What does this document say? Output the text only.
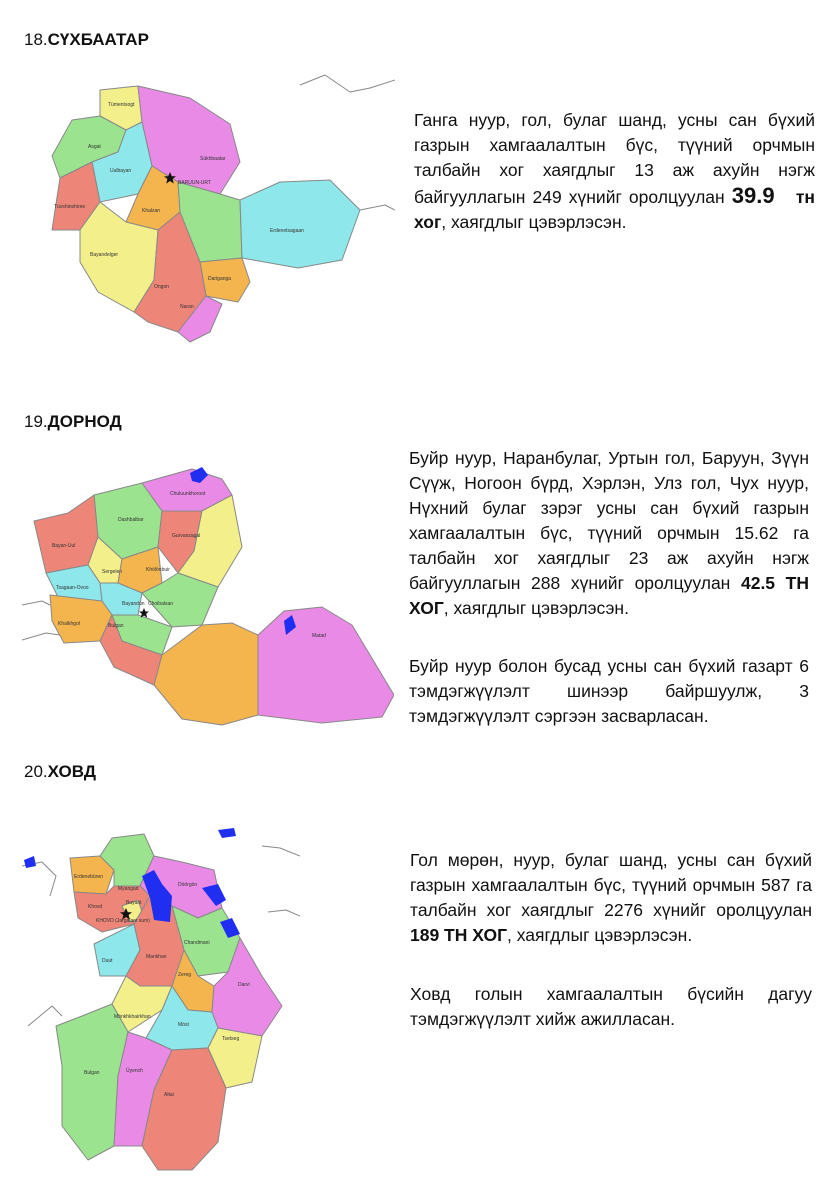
18.СҮХБААТАР
Tümentsogt
Asgat
Sükhbaatar
BARUUN-URT
Uulbayan
Tüvshinshiree
Khalzan
Erdenetsagaan
Bayandelger
Dariganga
Ongon
Naran

Ганга нуур, гол, булаг шанд, усны сан бүхий газрын хамгаалалтын бүс, түүний орчмын талбайн хог хаягдлыг 13 аж ахуйн нэгж байгууллагын 249 хүнийг оролцуулан 39.9 тн хог, хаягдлыг цэвэрлэсэн.

19.ДОРНОД
Chuluunkhoroot
Dashbalbar
Gurvanzagal
Bayan-Uul
Sergelen
Bayandun
Tsagaan-Ovoo
Choibalsan
Khölönbuir
Bulgan
Khalkhgol
Matad

Буйр нуур, Наранбулаг, Уртын гол, Баруун, Зүүн Сүүж, Ногоон бүрд, Хэрлэн, Улз гол, Чух нуур, Нүхний булаг зэрэг усны сан бүхий газрын хамгаалалтын бүс, түүний орчмын 15.62 га талбайн хог хаягдлыг 23 аж ахуйн нэгж байгууллагын 288 хүнийг оролцуулан 42.5 ТН ХОГ, хаягдлыг цэвэрлэсэн.

Буйр нуур болон бусад усны сан бүхий газарт 6 тэмдэгжүүлэлт шинээр байршуулж, 3 тэмдэгжүүлэлт сэргээн засварласан.

20.ХОВД
Erdenebüren
Myangad
Döörgön
Khovd
Buyant
KHOVD (Jargalant sum)
Chandmani
Duut
Mankhan
Zereg
Darvi
Mönkhkhairkhan
Möst
Tsetseg
Bulgan	Üyench
Altai

Гол мөрөн, нуур, булаг шанд, усны сан бүхий газрын хамгаалалтын бүс, түүний орчмын 587 га талбайн хог хаягдлыг 2276 хүнийг оролцуулан 189 ТН ХОГ, хаягдлыг цэвэрлэсэн.

Ховд голын хамгаалалтын бүсийн дагуу тэмдэгжүүлэлт хийж ажилласан.
